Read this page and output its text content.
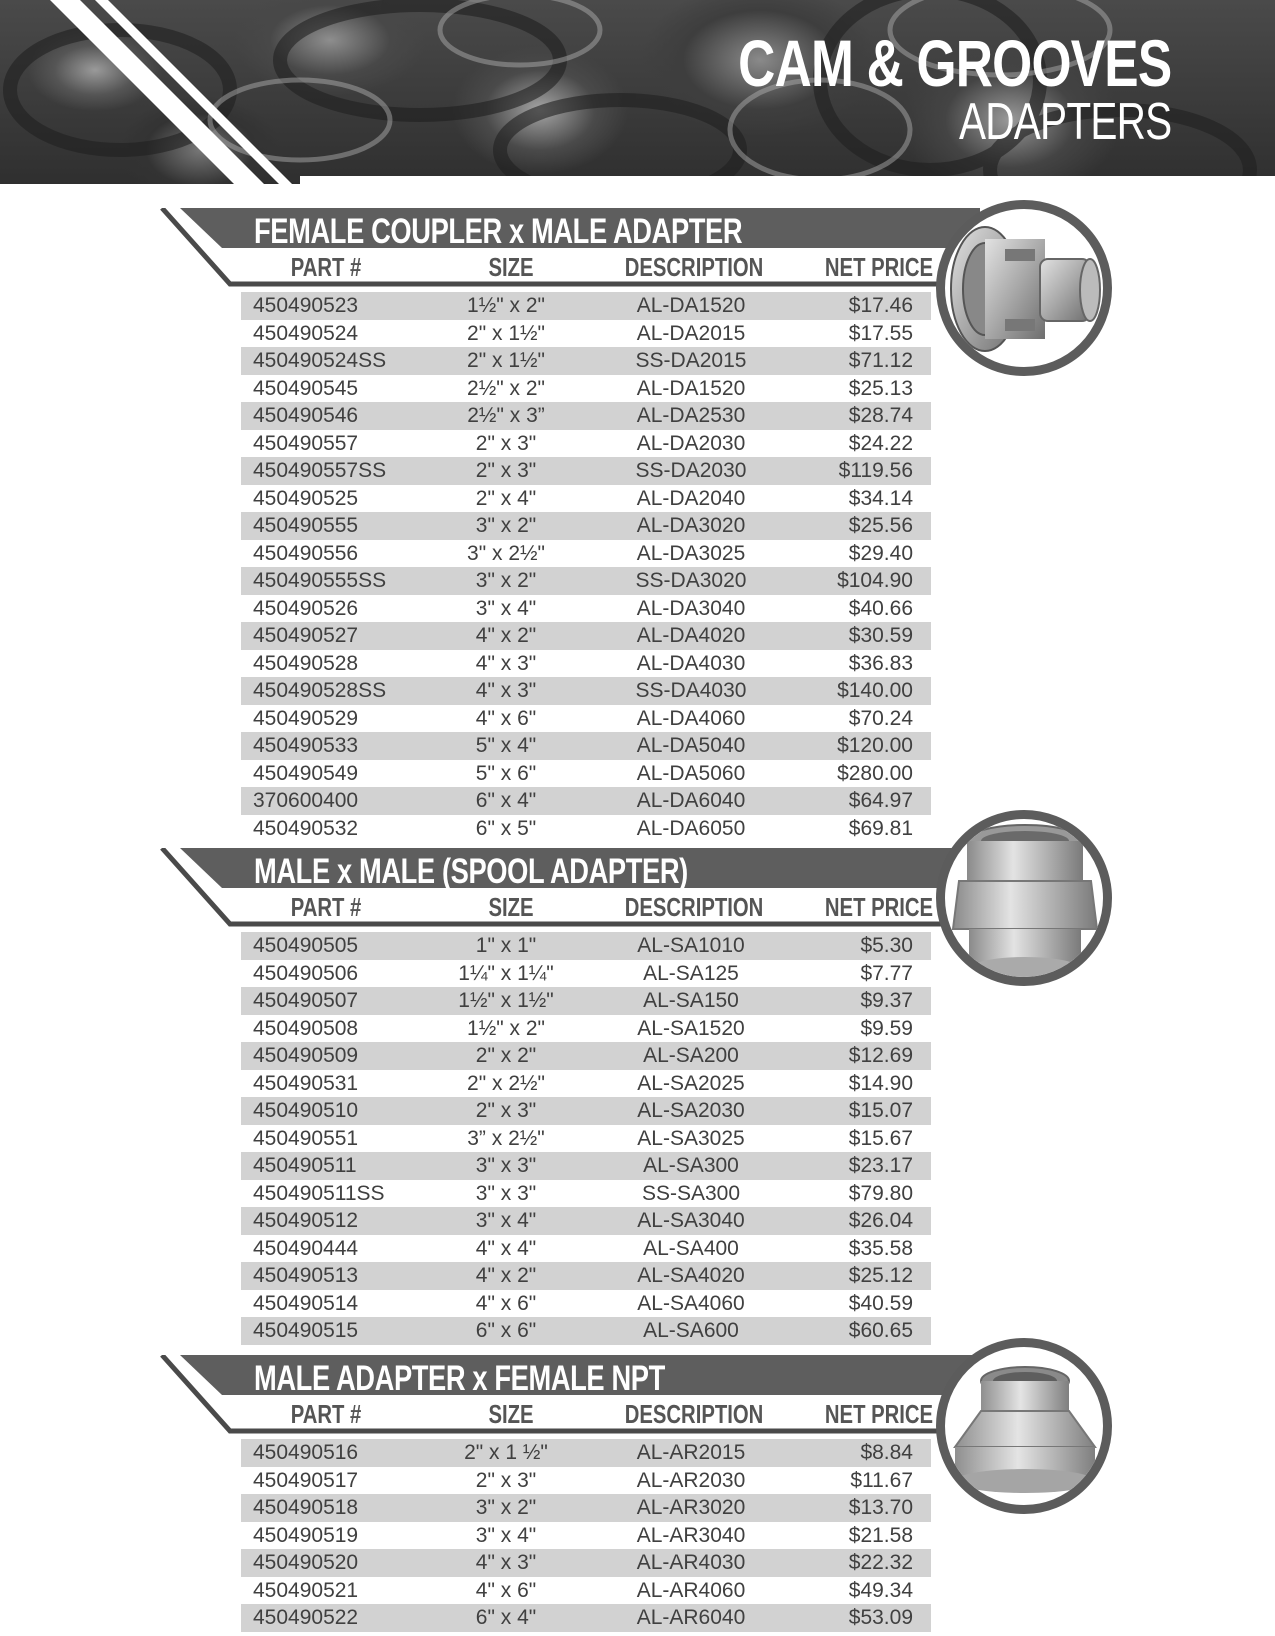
CAM & GROOVES
ADAPTERS
FEMALE COUPLER x MALE ADAPTER
PART #	SIZE	DESCRIPTION	NET PRICE
450490523	1½" x 2"	AL-DA1520	$17.46
450490524	2" x 1½"	AL-DA2015	$17.55
450490524SS	2" x 1½"	SS-DA2015	$71.12
450490545	2½" x 2"	AL-DA1520	$25.13
450490546	2½" x 3”	AL-DA2530	$28.74
450490557	2" x 3"	AL-DA2030	$24.22
450490557SS	2" x 3"	SS-DA2030	$119.56
450490525	2" x 4"	AL-DA2040	$34.14
450490555	3" x 2"	AL-DA3020	$25.56
450490556	3" x 2½"	AL-DA3025	$29.40
450490555SS	3" x 2"	SS-DA3020	$104.90
450490526	3" x 4"	AL-DA3040	$40.66
450490527	4" x 2"	AL-DA4020	$30.59
450490528	4" x 3"	AL-DA4030	$36.83
450490528SS	4" x 3"	SS-DA4030	$140.00
450490529	4" x 6"	AL-DA4060	$70.24
450490533	5" x 4"	AL-DA5040	$120.00
450490549	5" x 6"	AL-DA5060	$280.00
370600400	6" x 4"	AL-DA6040	$64.97
450490532	6" x 5"	AL-DA6050	$69.81
MALE x MALE (SPOOL ADAPTER)
PART #	SIZE	DESCRIPTION	NET PRICE
450490505	1" x 1"	AL-SA1010	$5.30
450490506	1¼" x 1¼"	AL-SA125	$7.77
450490507	1½" x 1½"	AL-SA150	$9.37
450490508	1½" x 2"	AL-SA1520	$9.59
450490509	2" x 2"	AL-SA200	$12.69
450490531	2" x 2½"	AL-SA2025	$14.90
450490510	2" x 3"	AL-SA2030	$15.07
450490551	3” x 2½"	AL-SA3025	$15.67
450490511	3" x 3"	AL-SA300	$23.17
450490511SS	3" x 3"	SS-SA300	$79.80
450490512	3" x 4"	AL-SA3040	$26.04
450490444	4" x 4"	AL-SA400	$35.58
450490513	4" x 2"	AL-SA4020	$25.12
450490514	4" x 6"	AL-SA4060	$40.59
450490515	6" x 6"	AL-SA600	$60.65
MALE ADAPTER x FEMALE NPT
PART #	SIZE	DESCRIPTION	NET PRICE
450490516	2" x 1 ½"	AL-AR2015	$8.84
450490517	2" x 3"	AL-AR2030	$11.67
450490518	3" x 2"	AL-AR3020	$13.70
450490519	3" x 4"	AL-AR3040	$21.58
450490520	4" x 3"	AL-AR4030	$22.32
450490521	4" x 6"	AL-AR4060	$49.34
450490522	6" x 4"	AL-AR6040	$53.09
